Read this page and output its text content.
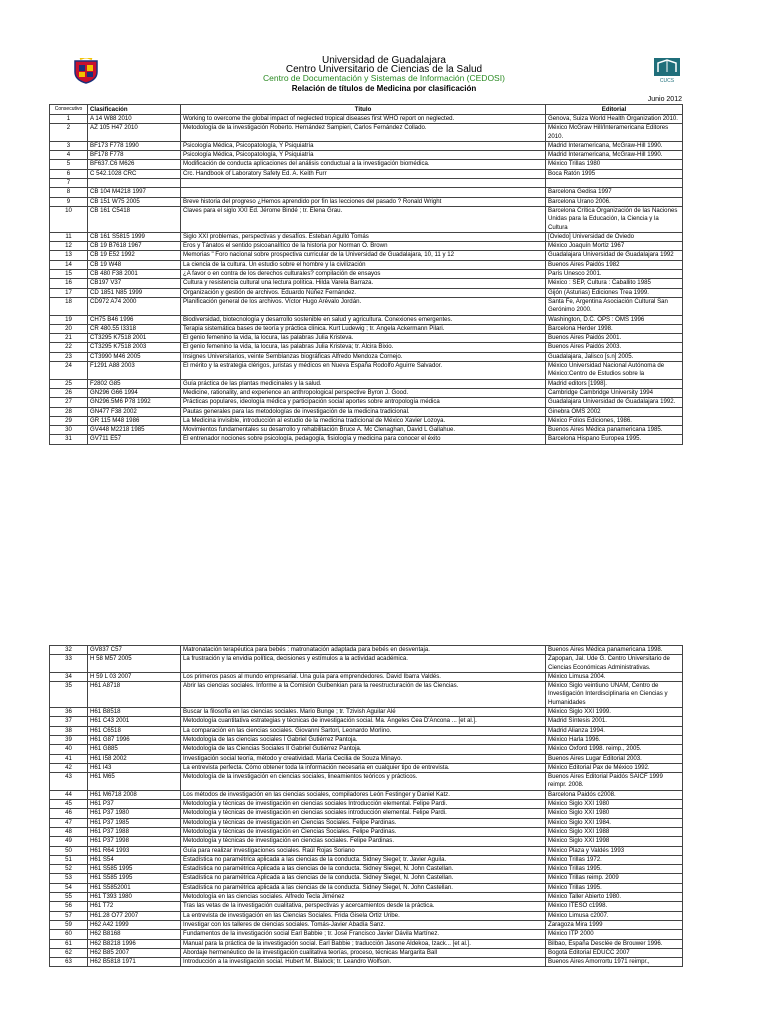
CUCS
Universidad de Guadalajara
Centro Universitario de Ciencias de la Salud
Centro de Documentación y Sistemas de Información (CEDOSI)
Relación de títulos de Medicina por clasificación
Junio 2012
Consecutivo	Clasificación	Título	Editorial
1	A 14 W88 2010	Working to overcome the global impact of neglected tropical diseases first WHO report on neglected.	Genova, Suiza World Health Organization 2010.
2	AZ 105 H47 2010	Metodología de la investigación Roberto. Hernández Sampieri, Carlos Fernández Collado.	México McGraw Hill/Interamericana Editores 2010.
3	BF173 F778 1990	Psicología Médica, Psicopatología, Y Psiquiatría	Madrid Interamericana, McGraw-Hill 1990.
4	BF178 F778	Psicología Médica, Psicopatología, Y Psiquiatría	Madrid Interamericana, McGraw-Hill 1990.
5	BF637.C6 M626	Modificación de conducta aplicaciones del análisis conductual a la investigación biomédica.	México Trillas 1980
6	C 542.1028 CRC	Crc. Handbook of Laboratory Safety Ed. A. Keith Furr	Boca Ratón 1995
7			
8	CB 104 M4218 1997		Barcelona Gedisa 1997
9	CB 151 W75 2005	Breve historia del progreso ¿Hemos aprendido por fin las lecciones del pasado ? Ronald Wright	Barcelona Urano 2006.
10	CB 161 C5418	Claves para el siglo XXI Ed. Jérome Bindé ; tr. Elena Grau.	Barcelona Crítica Organización de las Naciones Unidas para la Educación, la Ciencia y la Cultura
11	CB 161 S5815 1999	Siglo XXI problemas, perspectivas y desafíos. Esteban Agulló Tomás	[Oviedo] Universidad de Oviedo
12	CB 19 B7618 1967	Eros y Tánatos el sentido psicoanalítico de la historia por Norman O. Brown	México Joaquín Mortiz 1967
13	CB 19 E52 1992	Memorias " Foro nacional sobre prospectiva curricular de la Universidad de Guadalajara, 10, 11 y 12	Guadalajara Universidad de Guadalajara 1992
14	CB 19 W48	La ciencia de la cultura. Un estudio sobre el hombre y la civilización	Buenos Aires Paidós 1982
15	CB 480 F38 2001	¿A favor o en contra de los derechos culturales? compilación de ensayos	París Unesco 2001.
16	CB197 V37	Cultura y resistencia cultural una lectura política. Hilda Varela Barraza.	México : SEP, Cultura : Caballito 1985
17	CD 1851 N85 1999	Organización y gestión de archivos. Eduardo Núñez Fernández.	Gijón (Asturias) Ediciones Trea 1999.
18	CD972 A74 2000	Planificación general de los archivos. Víctor Hugo Arévalo Jordán.	Santa Fe, Argentina Asociación Cultural San Gerónimo 2000.
19	CH75 B46 1996	Biodiversidad, biotecnología y desarrollo sostenible en salud y agricultura. Conexiones emergentes.	Washington, D.C. OPS : OMS 1996
20	CR 480.55 I3318	Terapia sistemática bases de teoría y práctica clínica. Kurt Ludewig ; tr. Ángela Ackermann Pilari.	Barcelona Herder 1998.
21	CT3295 K7518 2001	El genio femenino la vida, la locura, las palabras Julia Kristeva.	Buenos Aires Paidós 2001.
22	CT3295 K7518 2003	El genio femenino la vida, la locura, las palabras Julia Kristeva; tr. Alcira Bixio.	Buenos Aires Paidós 2003.
23	CT3990 M46 2005	Insignes Universitarios, veinte Semblanzas biográficas Alfredo Mendoza Cornejo.	Guadalajara, Jalisco [s.n] 2005.
24	F1291 A88 2003	El mérito y la estrategia clérigos, juristas y médicos en Nueva España Rodolfo Aguirre Salvador.	México Universidad Nacional Autónoma de México:Centro de Estudios sobre la
25	F2802 G85	Guía práctica de las plantas medicinales y la salud.	Madrid editors [1998].
26	GN296 G66 1994	Medicine, rationality, and experience an anthropological perspective Byron J. Good.	Cambridge Cambridge University 1994
27	GN296.5M6 P78 1992	Prácticas populares, ideología médica y participación social aportes sobre antropología médica	Guadalajara Universidad de Guadalajara 1992.
28	GN477 F38 2002	Pautas generales para las metodologías de investigación de la medicina tradicional.	Ginebra OMS 2002
29	GR 115 M48 1986	La Medicina invisible, introducción al estudio de la medicina tradicional de México Xavier Lozoya.	México Folios Ediciones, 1986.
30	GV448 M2218 1985	Movimientos fundamentales su desarrollo y rehabilitación Bruce A. Mc Clenaghan, David L Gallahue.	Buenos Aires Médica panamericana 1985.
31	GV711 E57	El entrenador nociones sobre psicología, pedagogía, fisiología y medicina para conocer el éxito	Barcelona Hispano Europea 1995.
32	GV837 C57	Matronatación terapéutica para bebés : matronatación adaptada para bebés en desventaja.	Buenos Aires Médica panamericana 1998.
33	H 58 M57 2005	La frustración y la envidia política, decisiones y estímulos a la actividad académica.	Zapopan, Jal. Ude G. Centro Universitario de Ciencias Económicas Administrativas.
34	H 59 L 03 2007	Los primeros pasos al mundo empresarial. Una guía para emprendedores. David Ibarra Valdés.	México Limusa 2004.
35	H61 A8718	Abrir las ciencias sociales. Informe a la Comisión Gulbenkian para la reestructuración de las Ciencias.	México Siglo veintiuno UNAM, Centro de Investigación Interdisciplinaria en Ciencias y Humanidades
36	H61 B8518	Buscar la filosofía en las ciencias sociales. Mario Bunge ; tr. Tzivish Aguilar Alé	México Siglo XXI 1999.
37	H61 C43 2001	Metodología cuantitativa estrategias y técnicas de investigación social. Ma. Ángeles Cea D'Ancona ... [et al.].	Madrid Síntesis 2001.
38	H61 C6518	La comparación en las ciencias sociales. Giovanni Sartori, Leonardo Morlino.	Madrid Alianza 1994.
39	H61 G87 1996	Metodología de las ciencias sociales I Gabriel Gutiérrez Pantoja.	México Harla 1996.
40	H61 G885	Metodología de las Ciencias Sociales II Gabriel Gutiérrez Pantoja.	México Oxford 1998. reimp., 2005.
41	H61 I58 2002	Investigación social teoría, método y creatividad. María Cecilia de Souza Minayo.	Buenos Aires Lugar Editorial 2003.
42	H61 I43	La entrevista perfecta. Cómo obtener toda la información necesaria en cualquier tipo de entrevista.	México Editorial Pax de México 1992.
43	H61 M65	Metodología de la investigación en ciencias sociales, lineamientos teóricos y prácticos.	Buenos Aires Editorial Paidós SAICF 1999 reimpr. 2008.
44	H61 M6718 2008	Los métodos de investigación en las ciencias sociales, compiladores León Festinger y Daniel Katz.	Barcelona Paidós c2008.
45	H61 P37	Metodología y técnicas de investigación en ciencias sociales Introducción elemental. Felipe Pardi.	México Siglo XXI 1980
46	H61 P37 1980	Metodología y técnicas de investigación en ciencias sociales introducción elemental. Felipe Pardi.	México Siglo XXI 1980
47	H61 P37 1985	Metodología y técnicas de investigación en Ciencias Sociales. Felipe Pardinas.	México Siglo XXI 1984.
48	H61 P37 1988	Metodología y técnicas de investigación en Ciencias Sociales. Felipe Pardinas.	México Siglo XXI 1988
49	H61 P37 1998	Metodología y técnicas de investigación en ciencias sociales. Felipe Pardinas.	México Siglo XXI 1998
50	H61 R64 1993	Guía para realizar investigaciones sociales. Raúl Rojas Soriano	México Plaza y Valdés 1993
51	H61 S54	Estadística no paramétrica aplicada a las ciencias de la conducta. Sidney Siegel; tr. Javier Aguila.	México Trillas 1972.
52	H61 S585 1995	Estadística no paramétrica Aplicada a las ciencias de la conducta. Sidney Siegel, N. John Castellan.	México Trillas 1995.
53	H61 S585 1995	Estadística no paramétrica Aplicada a las ciencias de la conducta. Sidney Siegel, N. John Castellan.	México Trillas reimp. 2009
54	H61 S5852001	Estadística no paramétrica aplicada a las ciencias de la conducta. Sidney Siegel, N. John Castellan.	México Trillas 1995.
55	H61 T393 1980	Metodología en las ciencias sociales. Alfredo Tecla Jiménez	México Taller Abierto 1980.
56	H61 T72	Tras las vetas de la investigación cualitativa, perspectivas y acercamientos desde la práctica.	México ITESO c1998.
57	H61.28 O77 2007	La entrevista de investigación en las Ciencias Sociales. Frida Gisela Ortiz Uribe.	México Limusa c2007.
59	H62 A42 1999	Investigar con los talleres de ciencias sociales. Tomás-Javier Abadía Sanz.	Zaragoza Mira 1999
60	H62 B8168	Fundamentos de la investigación social Earl Babbie ; tr. José Francisco Javier Dávila Martínez.	México ITP 2000
61	H62 B8218 1996	Manual para la práctica de la investigación social. Earl Babbie ; traducción Jasone Aldekoa, Izack... [et al.].	Bilbao, España Desclée de Brouwer 1996.
62	H62 B85 2007	Abordaje hermenéutico de la investigación cualitativa teorías, proceso, técnicas Margarita Ball	Bogotá Editorial EDUCC 2007
63	H62 B5818 1971	Introducción a la investigación social. Hubert M. Blalock; tr. Leandro Wolfson.	Buenos Aires Amorrortu 1971 reimpr.,
